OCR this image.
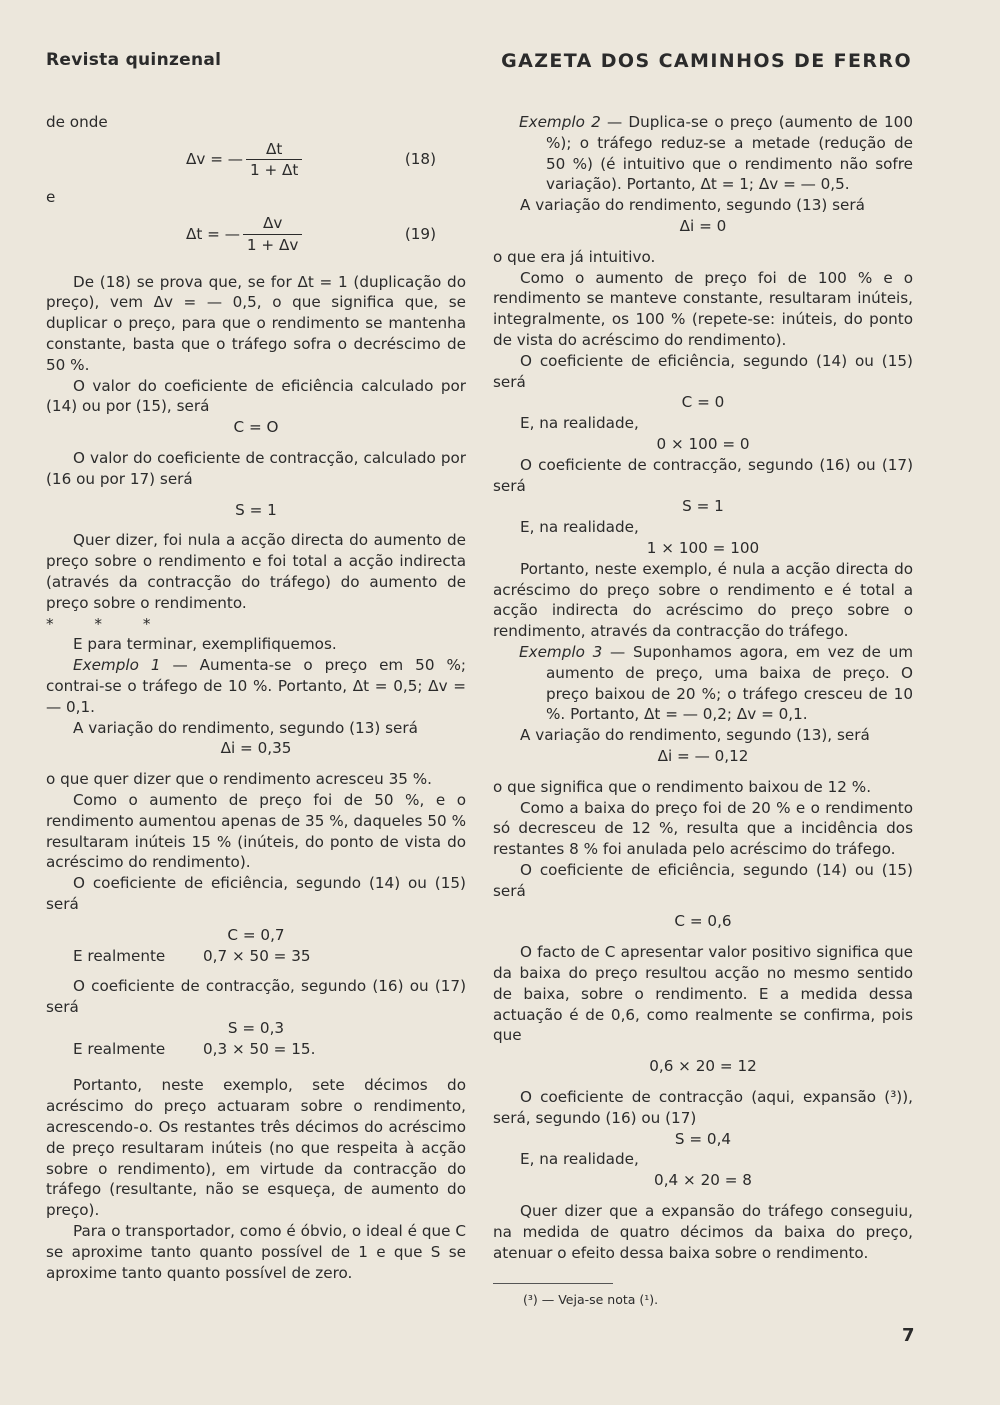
Revista quinzenal	GAZETA DOS CAMINHOS DE FERRO

de onde

Δv = — $\frac{\Delta t}{1 + \Delta t}$	(18)

e

Δt = — $\frac{\Delta v}{1 + \Delta v}$	(19)

De (18) se prova que, se for Δt = 1 (duplicação do preço), vem Δv = — 0,5, o que significa que, se duplicar o preço, para que o rendimento se mantenha constante, basta que o tráfego sofra o decréscimo de 50 %.

O valor do coeficiente de eficiência calculado por (14) ou por (15), será

C = O

O valor do coeficiente de contracção, calculado por (16 ou por 17) será

S = 1

Quer dizer, foi nula a acção directa do aumento de preço sobre o rendimento e foi total a acção indirecta (através da contracção do tráfego) do aumento de preço sobre o rendimento.

* * *

E para terminar, exemplifiquemos.

Exemplo 1 — Aumenta-se o preço em 50 %; contrai-se o tráfego de 10 %. Portanto, Δt = 0,5; Δv = — 0,1.

A variação do rendimento, segundo (13) será

Δi = 0,35

o que quer dizer que o rendimento acresceu 35 %.

Como o aumento de preço foi de 50 %, e o rendimento aumentou apenas de 35 %, daqueles 50 % resultaram inúteis 15 % (inúteis, do ponto de vista do acréscimo do rendimento).

O coeficiente de eficiência, segundo (14) ou (15) será

C = 0,7

E realmente	0,7 × 50 = 35

O coeficiente de contracção, segundo (16) ou (17) será

S = 0,3

E realmente	0,3 × 50 = 15.

Portanto, neste exemplo, sete décimos do acréscimo do preço actuaram sobre o rendimento, acrescendo-o. Os restantes três décimos do acréscimo de preço resultaram inúteis (no que respeita à acção sobre o rendimento), em virtude da contracção do tráfego (resultante, não se esqueça, de aumento do preço).

Para o transportador, como é óbvio, o ideal é que C se aproxime tanto quanto possível de 1 e que S se aproxime tanto quanto possível de zero.

Exemplo 2 — Duplica-se o preço (aumento de 100 %); o tráfego reduz-se a metade (redução de 50 %) (é intuitivo que o rendimento não sofre variação). Portanto, Δt = 1; Δv = — 0,5.

A variação do rendimento, segundo (13) será

Δi = 0

o que era já intuitivo.

Como o aumento de preço foi de 100 % e o rendimento se manteve constante, resultaram inúteis, integralmente, os 100 % (repete-se: inúteis, do ponto de vista do acréscimo do rendimento).

O coeficiente de eficiência, segundo (14) ou (15) será

C = 0

E, na realidade,

0 × 100 = 0

O coeficiente de contracção, segundo (16) ou (17) será

S = 1

E, na realidade,

1 × 100 = 100

Portanto, neste exemplo, é nula a acção directa do acréscimo do preço sobre o rendimento e é total a acção indirecta do acréscimo do preço sobre o rendimento, através da contracção do tráfego.

Exemplo 3 — Suponhamos agora, em vez de um aumento de preço, uma baixa de preço. O preço baixou de 20 %; o tráfego cresceu de 10 %. Portanto, Δt = — 0,2; Δv = 0,1.

A variação do rendimento, segundo (13), será

Δi = — 0,12

o que significa que o rendimento baixou de 12 %.

Como a baixa do preço foi de 20 % e o rendimento só decresceu de 12 %, resulta que a incidência dos restantes 8 % foi anulada pelo acréscimo do tráfego.

O coeficiente de eficiência, segundo (14) ou (15) será

C = 0,6

O facto de C apresentar valor positivo significa que da baixa do preço resultou acção no mesmo sentido de baixa, sobre o rendimento. E a medida dessa actuação é de 0,6, como realmente se confirma, pois que

0,6 × 20 = 12

O coeficiente de contracção (aqui, expansão (³)), será, segundo (16) ou (17)

S = 0,4

E, na realidade,

0,4 × 20 = 8

Quer dizer que a expansão do tráfego conseguiu, na medida de quatro décimos da baixa do preço, atenuar o efeito dessa baixa sobre o rendimento.

(³) — Veja-se nota (¹).

7
